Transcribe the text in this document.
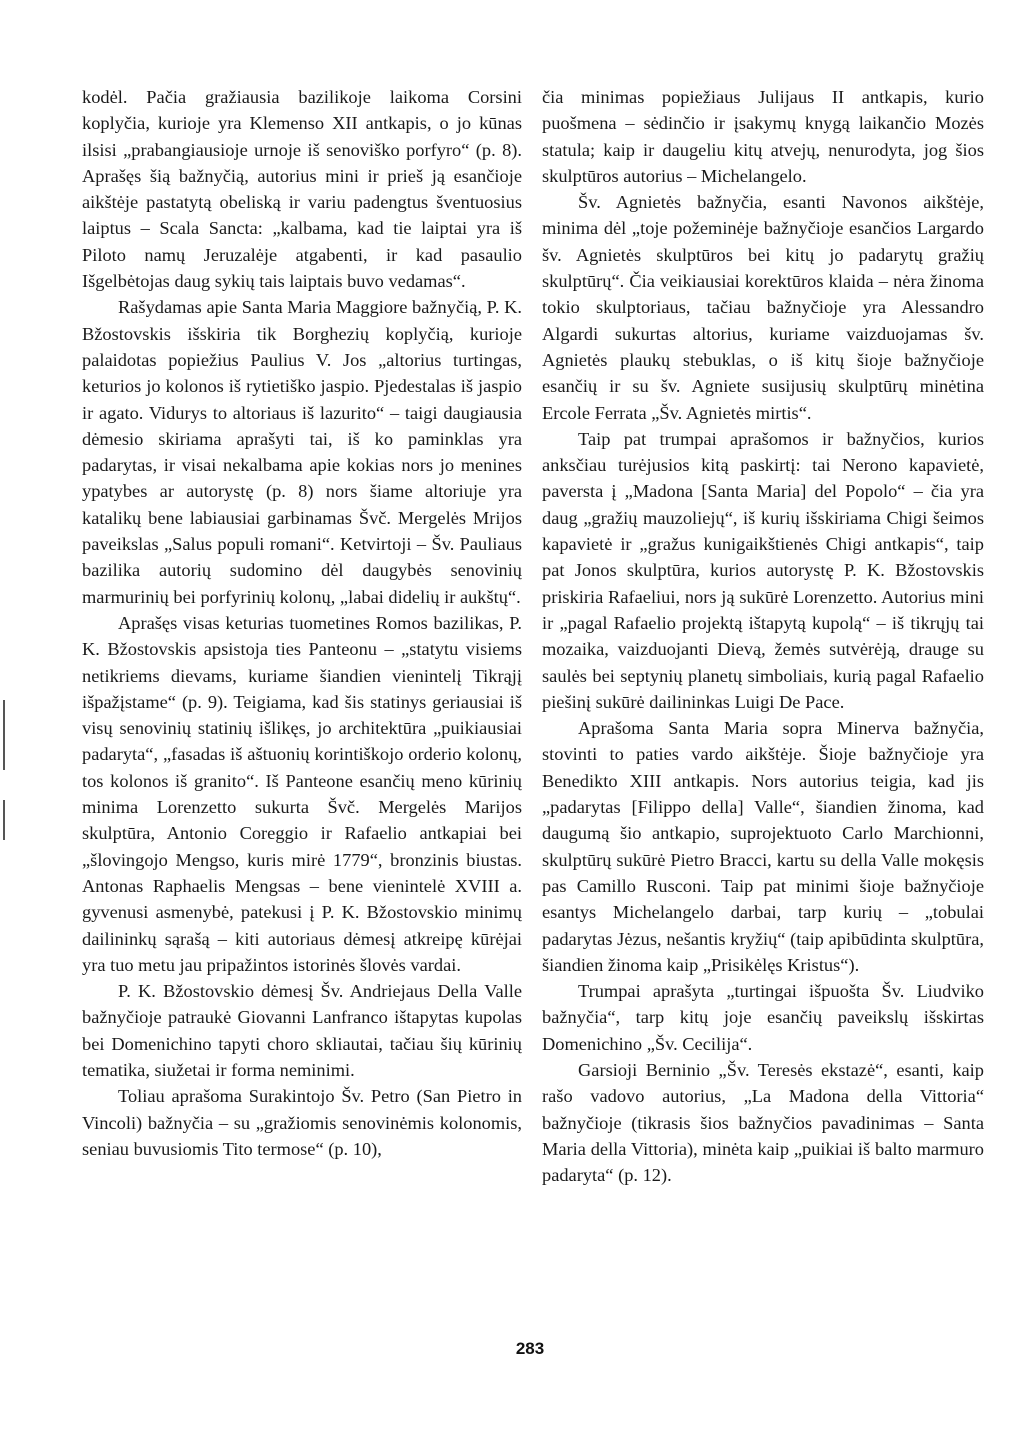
kodėl. Pačia gražiausia bazilikoje laikoma Corsini koplyčia, kurioje yra Klemenso XII antkapis, o jo kūnas ilsisi „prabangiausioje urnoje iš senoviško porfyro“ (p. 8). Aprašęs šią bažnyčią, autorius mini ir prieš ją esančioje aikštėje pastatytą obeliską ir variu padengtus šventuosius laiptus – Scala Sancta: „kalbama, kad tie laiptai yra iš Piloto namų Jeruzalėje atgabenti, ir kad pasaulio Išgelbėtojas daug sykių tais laiptais buvo vedamas“.

Rašydamas apie Santa Maria Maggiore bažnyčią, P. K. Bžostovskis išskiria tik Borghezių koplyčią, kurioje palaidotas popiežius Paulius V. Jos „altorius turtingas, keturios jo kolonos iš rytietiško jaspio. Pjedestalas iš jaspio ir agato. Vidurys to altoriaus iš lazurito“ – taigi daugiausia dėmesio skiriama aprašyti tai, iš ko paminklas yra padarytas, ir visai nekalbama apie kokias nors jo menines ypatybes ar autorystę (p. 8) nors šiame altoriuje yra katalikų bene labiausiai garbinamas Švč. Mergelės Mrijos paveikslas „Salus populi romani“. Ketvirtoji – Šv. Pauliaus bazilika autorių sudomino dėl daugybės senovinių marmurinių bei porfyrinių kolonų, „labai didelių ir aukštų“.

Aprašęs visas keturias tuometines Romos bazilikas, P. K. Bžostovskis apsistoja ties Panteonu – „statytu visiems netikriems dievams, kuriame šiandien vienintelį Tikrąjį išpažįstame“ (p. 9). Teigiama, kad šis statinys geriausiai iš visų senovinių statinių išlikęs, jo architektūra „puikiausiai padaryta“, „fasadas iš aštuonių korintiškojo orderio kolonų, tos kolonos iš granito“. Iš Panteone esančių meno kūrinių minima Lorenzetto sukurta Švč. Mergelės Marijos skulptūra, Antonio Coreggio ir Rafaelio antkapiai bei „šlovingojo Mengso, kuris mirė 1779“, bronzinis biustas. Antonas Raphaelis Mengsas – bene vienintelė XVIII a. gyvenusi asmenybė, patekusi į P. K. Bžostovskio minimų dailininkų sąrašą – kiti autoriaus dėmesį atkreipę kūrėjai yra tuo metu jau pripažintos istorinės šlovės vardai.

P. K. Bžostovskio dėmesį Šv. Andriejaus Della Valle bažnyčioje patraukė Giovanni Lanfranco ištapytas kupolas bei Domenichino tapyti choro skliautai, tačiau šių kūrinių tematika, siužetai ir forma neminimi.

Toliau aprašoma Surakintojo Šv. Petro (San Pietro in Vincoli) bažnyčia – su „gražiomis senovinėmis kolonomis, seniau buvusiomis Tito termose“ (p. 10),

čia minimas popiežiaus Julijaus II antkapis, kurio puošmena – sėdinčio ir įsakymų knygą laikančio Mozės statula; kaip ir daugeliu kitų atvejų, nenurodyta, jog šios skulptūros autorius – Michelangelo.

Šv. Agnietės bažnyčia, esanti Navonos aikštėje, minima dėl „toje požeminėje bažnyčioje esančios Largardo šv. Agnietės skulptūros bei kitų jo padarytų gražių skulptūrų“. Čia veikiausiai korektūros klaida – nėra žinoma tokio skulptoriaus, tačiau bažnyčioje yra Alessandro Algardi sukurtas altorius, kuriame vaizduojamas šv. Agnietės plaukų stebuklas, o iš kitų šioje bažnyčioje esančių ir su šv. Agniete susijusių skulptūrų minėtina Ercole Ferrata „Šv. Agnietės mirtis“.

Taip pat trumpai aprašomos ir bažnyčios, kurios anksčiau turėjusios kitą paskirtį: tai Nerono kapavietė, paversta į „Madona [Santa Maria] del Popolo“ – čia yra daug „gražių mauzoliejų“, iš kurių išskiriama Chigi šeimos kapavietė ir „gražus kunigaikštienės Chigi antkapis“, taip pat Jonos skulptūra, kurios autorystę P. K. Bžostovskis priskiria Rafaeliui, nors ją sukūrė Lorenzetto. Autorius mini ir „pagal Rafaelio projektą ištapytą kupolą“ – iš tikrųjų tai mozaika, vaizduojanti Dievą, žemės sutvėrėją, drauge su saulės bei septynių planetų simboliais, kurią pagal Rafaelio piešinį sukūrė dailininkas Luigi De Pace.

Aprašoma Santa Maria sopra Minerva bažnyčia, stovinti to paties vardo aikštėje. Šioje bažnyčioje yra Benedikto XIII antkapis. Nors autorius teigia, kad jis „padarytas [Filippo della] Valle“, šiandien žinoma, kad daugumą šio antkapio, suprojektuoto Carlo Marchionni, skulptūrų sukūrė Pietro Bracci, kartu su della Valle mokęsis pas Camillo Rusconi. Taip pat minimi šioje bažnyčioje esantys Michelangelo darbai, tarp kurių – „tobulai padarytas Jėzus, nešantis kryžių“ (taip apibūdinta skulptūra, šiandien žinoma kaip „Prisikėlęs Kristus“).

Trumpai aprašyta „turtingai išpuošta Šv. Liudviko bažnyčia“, tarp kitų joje esančių paveikslų išskirtas Domenichino „Šv. Cecilija“.

Garsioji Berninio „Šv. Teresės ekstazė“, esanti, kaip rašo vadovo autorius, „La Madona della Vittoria“ bažnyčioje (tikrasis šios bažnyčios pavadinimas – Santa Maria della Vittoria), minėta kaip „puikiai iš balto marmuro padaryta“ (p. 12).

283
